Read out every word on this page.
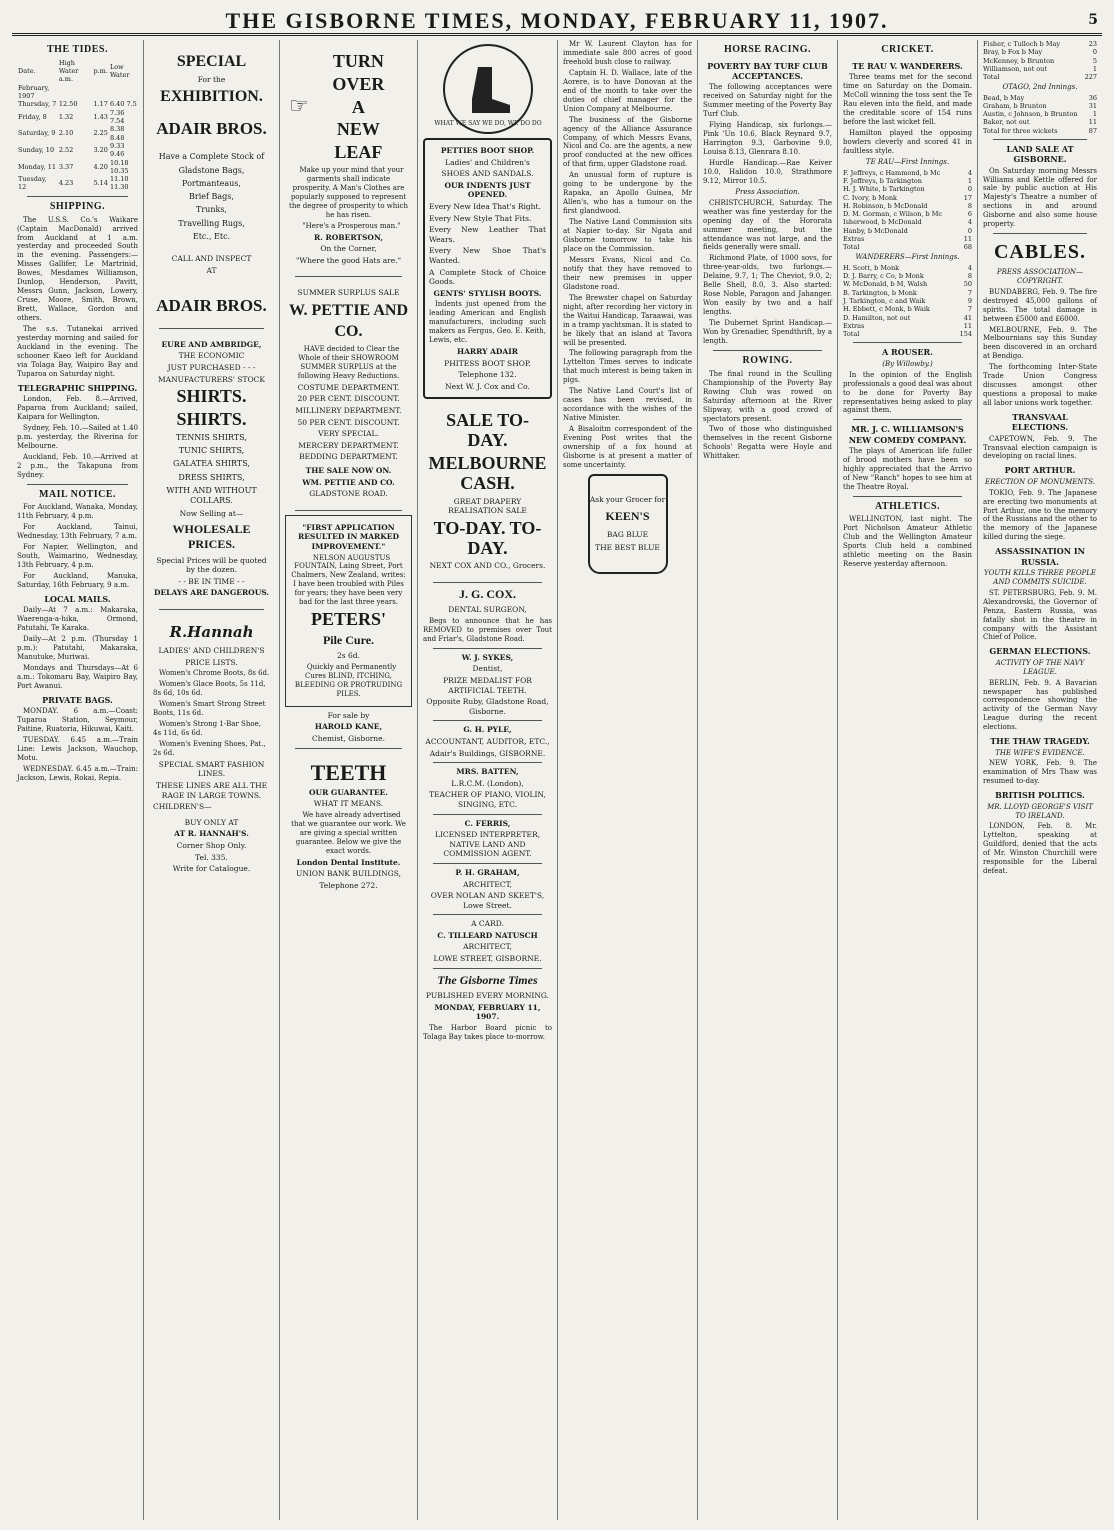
THE GISBORNE TIMES, MONDAY, FEBRUARY 11, 1907.	5
THE TIDES.
Date.	High Water a.m.	p.m.	Low Water
February, 1907			
Thursday, 7	12.50	1.17	6.40 7.5
Friday, 8	1.32	1.43	7.36 7.54
Saturday, 9	2.10	2.25	8.38 8.48
Sunday, 10	2.52	3.20	9.33 9.46
Monday, 11	3.37	4.20	10.18 10.35
Tuesday, 12	4.23	5.14	11.10 11.30
SHIPPING.

The U.S.S. Co.'s Waikare (Captain MacDonald) arrived from Auckland at 1 a.m. yesterday and proceeded South in the evening. Passengers:—Misses Gallifer, Le Martrinid, Bowes, Mesdames Williamson, Dunlop, Henderson, Pavitt, Messrs Gunn, Jackson, Lowery, Cruse, Moore, Smith, Brown, Brett, Wallace, Gordon and others.

The s.s. Tutanekai arrived yesterday morning and sailed for Auckland in the evening. The schooner Kaeo left for Auckland via Tolaga Bay, Waipiro Bay and Tuparoa on Saturday night.

TELEGRAPHIC SHIPPING.

London, Feb. 8.—Arrived, Paparoa from Auckland; sailed, Kaipara for Wellington.

Sydney, Feb. 10.—Sailed at 1.40 p.m. yesterday, the Riverina for Melbourne.

Auckland, Feb. 10.—Arrived at 2 p.m., the Takapuna from Sydney.

MAIL NOTICE.

For Auckland, Wanaka, Monday, 11th February, 4 p.m.

For Auckland, Tainui, Wednesday, 13th February, 7 a.m.

For Napier, Wellington, and South, Waimarino, Wednesday, 13th February, 4 p.m.

For Auckland, Manuka, Saturday, 16th February, 9 a.m.

LOCAL MAILS.

Daily—At 7 a.m.: Makaraka, Waerenga-a-hika, Ormond, Patutahi, Te Karaka.

Daily—At 2 p.m. (Thursday 1 p.m.): Patutahi, Makaraka, Manutuke, Muriwai.

Mondays and Thursdays—At 6 a.m.: Tokomaru Bay, Waipiro Bay, Port Awanui.

PRIVATE BAGS.

MONDAY. 6 a.m.—Coast: Tuparoa Station, Seymour, Paitine, Ruatoria, Hikuwai, Kaiti.

TUESDAY. 6.45 a.m.—Train Line: Lewis Jackson, Wauchop, Motu.

WEDNESDAY. 6.45 a.m.—Train: Jackson, Lewis, Rokai, Repia.

SPECIAL
For the
EXHIBITION.
ADAIR BROS.
Have a Complete Stock of
Gladstone Bags,
Portmanteaus,
Brief Bags,
Trunks,
Travelling Rugs,
Etc., Etc.
CALL AND INSPECT
AT
ADAIR BROS.
EURE AND AMBRIDGE,
THE ECONOMIC
JUST PURCHASED - - -
MANUFACTURERS' STOCK
SHIRTS.
SHIRTS.
TENNIS SHIRTS,
TUNIC SHIRTS,
GALATEA SHIRTS,
DRESS SHIRTS,
WITH AND WITHOUT COLLARS.
Now Selling at—
WHOLESALE PRICES.
Special Prices will be quoted by the dozen.
- - BE IN TIME - -
DELAYS ARE DANGEROUS.
R.Hannah
LADIES' AND CHILDREN'S
PRICE LISTS.

Women's Chrome Boots, 8s 6d.

Women's Glace Boots, 5s 11d, 8s 6d, 10s 6d.

Women's Smart Strong Street Boots, 11s 6d.

Women's Strong 1-Bar Shoe, 4s 11d, 6s 6d.

Women's Evening Shoes, Pat., 2s 6d.

SPECIAL SMART FASHION LINES.
THESE LINES ARE ALL THE RAGE IN LARGE TOWNS.
CHILDREN'S—
BUY ONLY AT
AT R. HANNAH'S.
Corner Shop Only.
Tel. 335.
Write for Catalogue.
☞
TURN
OVER
A
NEW
LEAF

Make up your mind that your garments shall indicate prosperity. A Man's Clothes are popularly supposed to represent the degree of prosperity to which he has risen.

"Here's a Prosperous man."

R. ROBERTSON,
On the Corner,
"Where the good Hats are."
SUMMER SURPLUS SALE
W. PETTIE AND CO.

HAVE decided to Clear the Whole of their SHOWROOM SUMMER SURPLUS at the following Heavy Reductions.

COSTUME DEPARTMENT.
20 PER CENT. DISCOUNT.
MILLINERY DEPARTMENT.
50 PER CENT. DISCOUNT.
VERY SPECIAL.
MERCERY DEPARTMENT.
BEDDING DEPARTMENT.
THE SALE NOW ON.
WM. PETTIE AND CO.
GLADSTONE ROAD.
"FIRST APPLICATION RESULTED IN MARKED IMPROVEMENT."

NELSON AUGUSTUS FOUNTAIN, Laing Street, Port Chalmers, New Zealand, writes: I have been troubled with Piles for years; they have been very bad for the last three years.

PETERS'
Pile Cure.
2s 6d.

Quickly and Permanently Cures BLIND, ITCHING, BLEEDING OR PROTRUDING PILES.

For sale by
HAROLD KANE,
Chemist, Gisborne.
TEETH
OUR GUARANTEE.
WHAT IT MEANS.

We have already advertised that we guarantee our work. We are giving a special written guarantee. Below we give the exact words.

London Dental Institute.
UNION BANK BUILDINGS,
Telephone 272.
WHAT WE SAY WE DO, WE DO DO
PETTIES BOOT SHOP.
Ladies' and Children's
SHOES AND SANDALS.
OUR INDENTS JUST OPENED.
Every New Idea That's Right.
Every New Style That Fits.
Every New Leather That Wears.
Every New Shoe That's Wanted.
A Complete Stock of Choice Goods.
GENTS' STYLISH BOOTS.

Indents just opened from the leading American and English manufacturers, including such makers as Fergus, Geo. E. Keith, Lewis, etc.

HARRY ADAIR
PHITESS BOOT SHOP.
Telephone 132.
Next W. J. Cox and Co.
SALE TO-DAY.
MELBOURNE CASH.
GREAT DRAPERY REALISATION SALE
TO-DAY. TO-DAY.
NEXT COX AND CO., Grocers.
J. G. COX.
DENTAL SURGEON,

Begs to announce that he has REMOVED to premises over Tout and Friar's, Gladstone Road.

W. J. SYKES,
Dentist,
PRIZE MEDALIST FOR ARTIFICIAL TEETH.
Opposite Ruby, Gladstone Road, Gisborne.
G. H. PYLE,
ACCOUNTANT, AUDITOR, ETC.,
Adair's Buildings, GISBORNE.
MRS. BATTEN,
L.R.C.M. (London),
TEACHER OF PIANO, VIOLIN, SINGING, ETC.
C. FERRIS,
LICENSED INTERPRETER, NATIVE LAND AND COMMISSION AGENT.
P. H. GRAHAM,
ARCHITECT,
OVER NOLAN AND SKEET'S, Lowe Street.
A CARD.
C. TILLEARD NATUSCH
ARCHITECT,
LOWE STREET, GISBORNE.
The Gisborne Times
PUBLISHED EVERY MORNING.
MONDAY, FEBRUARY 11, 1907.

The Harbor Board picnic to Tolaga Bay takes place to-morrow.

Mr W. Laurent Clayton has for immediate sale 800 acres of good freehold bush close to railway.

Captain H. D. Wallace, late of the Aorere, is to have Donovan at the end of the month to take over the duties of chief manager for the Union Company at Melbourne.

The business of the Gisborne agency of the Alliance Assurance Company, of which Messrs Evans, Nicol and Co. are the agents, a new proof conducted at the new offices of that firm, upper Gladstone road.

An unusual form of rupture is going to be undergone by the Rapaka, an Apollo Guinea, Mr Allen's, who has a tumour on the first glandwood.

The Native Land Commission sits at Napier to-day. Sir Ngata and Gisborne tomorrow to take his place on the Commission.

Messrs Evans, Nicol and Co. notify that they have removed to their new premises in upper Gladstone road.

The Brewster chapel on Saturday night, after recording her victory in the Waitui Handicap, Taraawai, was in a tramp yachtsman. It is stated to be likely that an island at Tavora will be presented.

The following paragraph from the Lyttelton Times serves to indicate that much interest is being taken in pigs.

The Native Land Court's list of cases has been revised, in accordance with the wishes of the Native Minister.

A Bisaloitm correspondent of the Evening Post writes that the ownership of a fox hound at Gisborne is at present a matter of some uncertainty.

Ask your Grocer for
KEEN'S
BAG BLUE
THE BEST BLUE
HORSE RACING.
POVERTY BAY TURF CLUB ACCEPTANCES.

The following acceptances were received on Saturday night for the Summer meeting of the Poverty Bay Turf Club.

Flying Handicap, six furlongs.—Pink 'Un 10.6, Black Reynard 9.7, Harrington 9.3, Garbovine 9.0, Louisa 8.13, Glenrara 8.10.

Hurdle Handicap.—Rae Keiver 10.0, Halidon 10.0, Strathmore 9.12, Mirror 10.5.

Press Association.

CHRISTCHURCH, Saturday. The weather was fine yesterday for the opening day of the Hororata summer meeting, but the attendance was not large, and the fields generally were small.

Richmond Plate, of 1000 sovs, for three-year-olds, two furlongs.—Delaine, 9.7, 1; The Cheviot, 9.0, 2; Belle Shell, 8.0, 3. Also started: Rose Noble, Paragon and Jahanger. Won easily by two and a half lengths.

Tie Dubernet Sprint Handicap.—Won by Grenadier, Spendthrift, by a length.

ROWING.

The final round in the Sculling Championship of the Poverty Bay Rowing Club was rowed on Saturday afternoon at the River Slipway, with a good crowd of spectators present.

Two of those who distinguished themselves in the recent Gisborne Schools' Regatta were Hoyle and Whittaker.

CRICKET.
TE RAU V. WANDERERS.

Three teams met for the second time on Saturday on the Domain. McColl winning the toss sent the Te Rau eleven into the field, and made the creditable score of 154 runs before the last wicket fell.

Hamilton played the opposing bowlers cleverly and scored 41 in faultless style.

TE RAU—First Innings.
F. Jeffreys, c Hammond, b Mc	4
F. Jeffreys, b Tarkington	1
H. J. White, b Tarkington	0
C. Ivory, b Monk	17
H. Robinson, b McDonald	8
D. M. Gorman, c Wilson, b Mc	6
Isherwood, b McDonald	4
Hanby, b McDonald	0
Extras	11
Total	68
WANDERERS—First Innings.
H. Scott, b Monk	4
D. J. Barry, c Co, b Monk	8
W. McDonald, b M, Walsh	50
B. Tarkington, b Monk	7
J. Tarkington, c and Waik	9
H. Ebbett, c Monk, b Waik	7
D. Hamilton, not out	41
Extras	11
Total	154
A ROUSER.
(By Willowby.)

In the opinion of the English professionals a good deal was about to be done for Poverty Bay representatives being asked to play against them.

MR. J. C. WILLIAMSON'S NEW COMEDY COMPANY.

The plays of American life fuller of brood mothers have been so highly appreciated that the Arrivo of New "Ranch" hopes to see him at the Theatre Royal.

ATHLETICS.

WELLINGTON, last night. The Port Nicholson Amateur Athletic Club and the Wellington Amateur Sports Club held a combined athletic meeting on the Basin Reserve yesterday afternoon.

Fisher, c Tulloch b May	23
Bray, b Fox b May	0
McKenney, b Brunton	5
Williamson, not out	1
Total	227
OTAGO, 2nd Innings.
Bead, b May	36
Graham, b Brunton	31
Austin, c Johnson, b Brunton 1
Baker, not out	11
Total for three wickets	87
LAND SALE AT GISBORNE.

On Saturday morning Messrs Williams and Kettle offered for sale by public auction at His Majesty's Theatre a number of sections in and around Gisborne and also some house property.

CABLES.
PRESS ASSOCIATION—COPYRIGHT.

BUNDABERG, Feb. 9. The fire destroyed 45,000 gallons of spirits. The total damage is between £5000 and £6000.

MELBOURNE, Feb. 9. The Melbournians say this Sunday been discovered in an orchard at Bendigo.

The forthcoming Inter-State Trade Union Congress discusses amongst other questions a proposal to make all labor unions work together.

TRANSVAAL ELECTIONS.

CAPETOWN, Feb. 9. The Transvaal election campaign is developing on racial lines.

PORT ARTHUR.
ERECTION OF MONUMENTS.

TOKIO, Feb. 9. The Japanese are erecting two monuments at Port Arthur, one to the memory of the Russians and the other to the memory of the Japanese killed during the siege.

ASSASSINATION IN RUSSIA.
YOUTH KILLS THREE PEOPLE AND COMMITS SUICIDE.

ST. PETERSBURG, Feb. 9. M. Alexandrovski, the Governor of Penza, Eastern Russia, was fatally shot in the theatre in company with the Assistant Chief of Police.

GERMAN ELECTIONS.
ACTIVITY OF THE NAVY LEAGUE.

BERLIN, Feb. 9. A Bavarian newspaper has published correspondence showing the activity of the German Navy League during the recent elections.

THE THAW TRAGEDY.
THE WIFE'S EVIDENCE.

NEW YORK, Feb. 9. The examination of Mrs Thaw was resumed to-day.

BRITISH POLITICS.
MR. LLOYD GEORGE'S VISIT TO IRELAND.

LONDON, Feb. 8. Mr. Lyttelton, speaking at Guildford, denied that the acts of Mr. Winston Churchill were responsible for the Liberal defeat.
